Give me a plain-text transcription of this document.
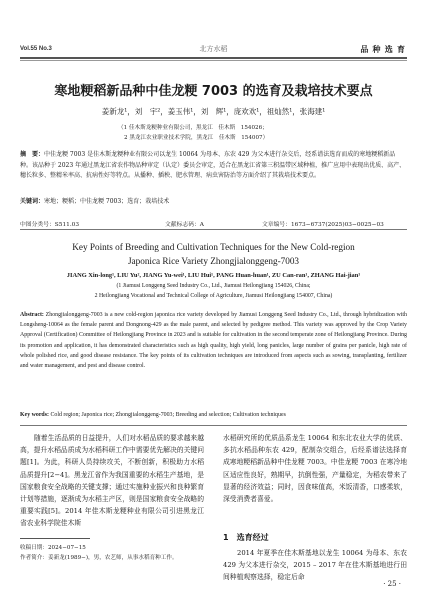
Vol.55 No.3	北方水稻	品 种 选 育
寒地粳稻新品种中佳龙粳 7003 的选育及栽培技术要点
姜新龙¹，刘　宇²，姜玉伟¹，刘　辉¹，庞欢欢¹，祖灿然¹，张海建¹
（1 佳木斯龙粳种业有限公司，黑龙江　佳木斯　154026；
2 黑龙江农业职业技术学院，黑龙江　佳木斯　154007）
摘　要：中佳龙粳 7003 是佳木斯龙粳种业有限公司以龙生 10064 为母本、东农 429 为父本进行杂交后，经系谱法选育而成的寒地粳稻新品种。该品种于 2023 年通过黑龙江省农作物品种审定（认定）委员会审定，适合在黑龙江省第三积温带区域种植，推广应用中表现出优质、高产、穗长粒多、整精米率高、抗病性好等特点。从播种、插秧、肥水管理、病虫害防治等方面介绍了其栽培技术要点。
关键词：寒地；粳稻；中佳龙粳 7003；选育；栽培技术
中图分类号：S511.03	文献标志码：A	文章编号：1673−6737(2025)03−0025−03
Key Points of Breeding and Cultivation Techniques for the New Cold-region
Japonica Rice Variety Zhongjialonggeng-7003
JIANG Xin-long¹, LIU Yu², JIANG Yu-wei¹, LIU Hui¹, PANG Huan-huan¹, ZU Can-ran¹, ZHANG Hai-jian¹
(1 Jiamusi Longgeng Seed Industry Co., Ltd., Jiamusi Heilongjiang 154026, China;
2 Heilongjiang Vocational and Technical College of Agriculture, Jiamusi Heilongjiang 154007, China)
Abstract: Zhongjialonggeng-7003 is a new cold-region japonica rice variety developed by Jiamusi Longgeng Seed Industry Co., Ltd., through hybridization with Longsheng-10064 as the female parent and Dongnong-429 as the male parent, and selected by pedigree method. This variety was approved by the Crop Variety Approval (Certification) Committee of Heilongjiang Province in 2023 and is suitable for cultivation in the second temperate zone of Heilongjiang Province. During its promotion and application, it has demonstrated characteristics such as high quality, high yield, long panicles, large number of grains per panicle, high rate of whole polished rice, and good disease resistance. The key points of its cultivation techniques are introduced from aspects such as sowing, transplanting, fertilizer and water management, and pest and disease control.
Key words: Cold region; Japonica rice; Zhongjialonggeng-7003; Breeding and selection; Cultivation techniques
随着生活品质的日益提升，人们对水稻品质的要求越来越高，提升水稻品质成为水稻科研工作中需要优先解决的关键问题[1]。为此，科研人员持续攻关，不断创新，积极助力水稻品质提升[2−4]。黑龙江省作为我国重要的水稻生产基地，是国家粮食安全战略的关键支撑；通过实施种业振兴和良种繁育计划等措施，逐渐成为水稻主产区，则是国家粮食安全战略的重要实践[5]。2014 年佳木斯龙粳种业有限公司引进黑龙江省农业科学院佳木斯
收稿日期：2024−07−15
作者简介：姜新龙(1989−)，男，农艺师，从事水稻育种工作。
水稻研究所的优质品系龙生 10064 和东北农业大学的优质、多抗水稻品种东农 429，配制杂交组合，后经系谱法选择育成寒地粳稻新品种中佳龙粳 7003。中佳龙粳 7003 在寒冷地区适应性良好，熟期早，抗倒性强，产量稳定，为稻农带来了显著的经济效益；同时，因食味值高，米饭清香，口感柔软，深受消费者喜爱。
1　选育经过
2014 年夏季在佳木斯基地以龙生 10064 为母本、东农 429 为父本进行杂交，2015 – 2017 年在佳木斯基地进行田间种植观察选择，稳定后命
· 25 ·
